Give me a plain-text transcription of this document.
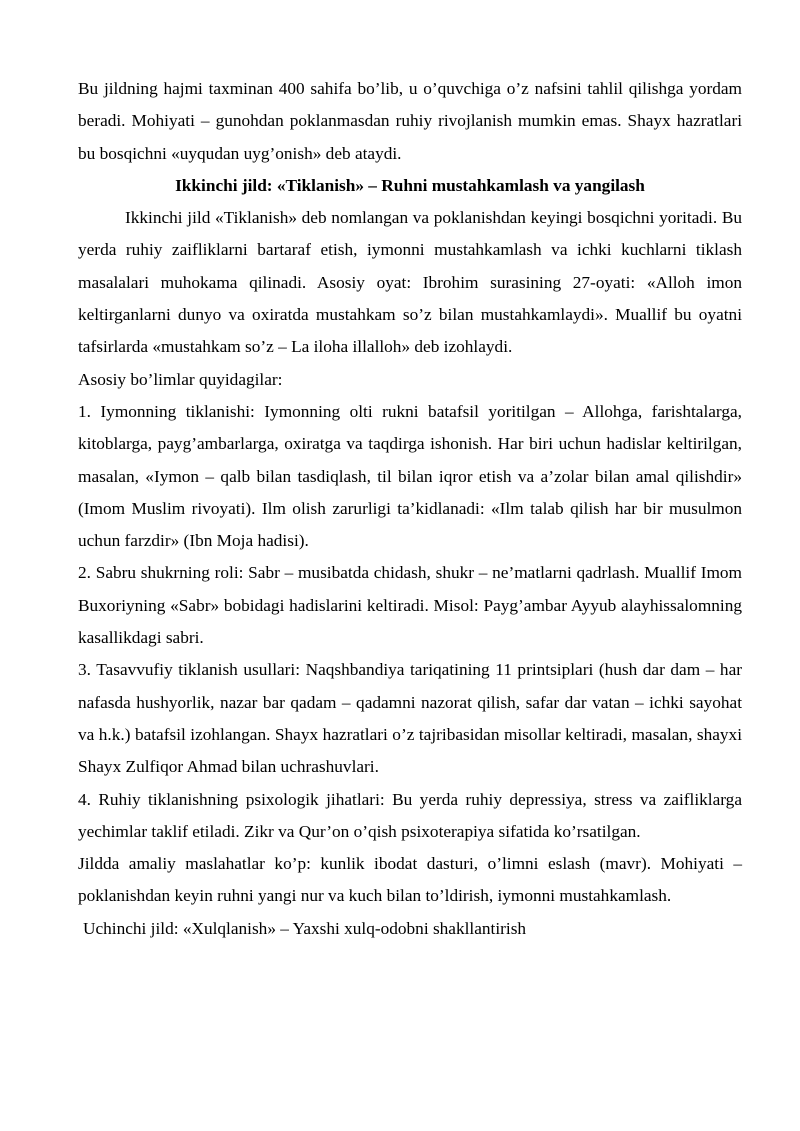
Bu jildning hajmi taxminan 400 sahifa bo’lib, u o’quvchiga o’z nafsini tahlil qilishga yordam beradi. Mohiyati – gunohdan poklanmasdan ruhiy rivojlanish mumkin emas. Shayx hazratlari bu bosqichni «uyqudan uyg’onish» deb ataydi.

Ikkinchi jild: «Tiklanish» – Ruhni mustahkamlash va yangilash

Ikkinchi jild «Tiklanish» deb nomlangan va poklanishdan keyingi bosqichni yoritadi. Bu yerda ruhiy zaifliklarni bartaraf etish, iymonni mustahkamlash va ichki kuchlarni tiklash masalalari muhokama qilinadi. Asosiy oyat: Ibrohim surasining 27-oyati: «Alloh imon keltirganlarni dunyo va oxiratda mustahkam so’z bilan mustahkamlaydi». Muallif bu oyatni tafsirlarda «mustahkam so’z – La iloha illalloh» deb izohlaydi.

Asosiy bo’limlar quyidagilar:

1. Iymonning tiklanishi: Iymonning olti rukni batafsil yoritilgan – Allohga, farishtalarga, kitoblarga, payg’ambarlarga, oxiratga va taqdirga ishonish. Har biri uchun hadislar keltirilgan, masalan, «Iymon – qalb bilan tasdiqlash, til bilan iqror etish va a’zolar bilan amal qilishdir» (Imom Muslim rivoyati). Ilm olish zarurligi ta’kidlanadi: «Ilm talab qilish har bir musulmon uchun farzdir» (Ibn Moja hadisi).

2. Sabru shukrning roli: Sabr – musibatda chidash, shukr – ne’matlarni qadrlash. Muallif Imom Buxoriyning «Sabr» bobidagi hadislarini keltiradi. Misol: Payg’ambar Ayyub alayhissalomning kasallikdagi sabri.

3. Tasavvufiy tiklanish usullari: Naqshbandiya tariqatining 11 printsiplari (hush dar dam – har nafasda hushyorlik, nazar bar qadam – qadamni nazorat qilish, safar dar vatan – ichki sayohat va h.k.) batafsil izohlangan. Shayx hazratlari o’z tajribasidan misollar keltiradi, masalan, shayxi Shayx Zulfiqor Ahmad bilan uchrashuvlari.

4. Ruhiy tiklanishning psixologik jihatlari: Bu yerda ruhiy depressiya, stress va zaifliklarga yechimlar taklif etiladi. Zikr va Qur’on o’qish psixoterapiya sifatida ko’rsatilgan.

Jildda amaliy maslahatlar ko’p: kunlik ibodat dasturi, o’limni eslash (mavr). Mohiyati – poklanishdan keyin ruhni yangi nur va kuch bilan to’ldirish, iymonni mustahkamlash.

Uchinchi jild: «Xulqlanish» – Yaxshi xulq-odobni shakllantirish
